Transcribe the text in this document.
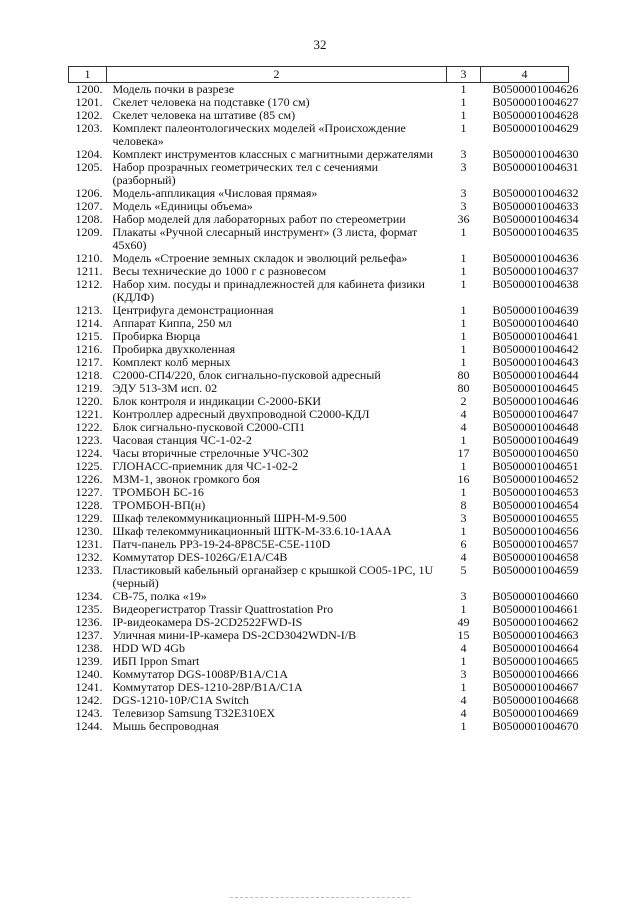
32
1	2	3	4
1200.	Модель почки в разрезе	1	В0500001004626
1201.	Скелет человека на подставке (170 см)	1	В0500001004627
1202.	Скелет человека на штативе (85 см)	1	В0500001004628
1203.	Комплект палеонтологических моделей «Происхождение человека»	1	В0500001004629
1204.	Комплект инструментов классных с магнитными держателями	3	В0500001004630
1205.	Набор прозрачных геометрических тел с сечениями (разборный)	3	В0500001004631
1206.	Модель-аппликация «Числовая прямая»	3	В0500001004632
1207.	Модель «Единицы объема»	3	В0500001004633
1208.	Набор моделей для лабораторных работ по стереометрии	36	В0500001004634
1209.	Плакаты «Ручной слесарный инструмент» (3 листа, формат 45х60)	1	В0500001004635
1210.	Модель «Строение земных складок и эволюций рельефа»	1	В0500001004636
1211.	Весы технические до 1000 г с разновесом	1	В0500001004637
1212.	Набор хим. посуды и принадлежностей для кабинета физики (КДЛФ)	1	В0500001004638
1213.	Центрифуга демонстрационная	1	В0500001004639
1214.	Аппарат Киппа, 250 мл	1	В0500001004640
1215.	Пробирка Вюрца	1	В0500001004641
1216.	Пробирка двухколенная	1	В0500001004642
1217.	Комплект колб мерных	1	В0500001004643
1218.	С2000-СП4/220, блок сигнально-пусковой адресный	80	В0500001004644
1219.	ЭДУ 513-3М исп. 02	80	В0500001004645
1220.	Блок контроля и индикации С-2000-БКИ	2	В0500001004646
1221.	Контроллер адресный двухпроводной С2000-КДЛ	4	В0500001004647
1222.	Блок сигнально-пусковой С2000-СП1	4	В0500001004648
1223.	Часовая станция ЧС-1-02-2	1	В0500001004649
1224.	Часы вторичные стрелочные УЧС-302	17	В0500001004650
1225.	ГЛОНАСС-приемник для ЧС-1-02-2	1	В0500001004651
1226.	МЗМ-1, звонок громкого боя	16	В0500001004652
1227.	ТРОМБОН БС-16	1	В0500001004653
1228.	ТРОМБОН-ВП(н)	8	В0500001004654
1229.	Шкаф телекоммуникационный ШРН-М-9.500	3	В0500001004655
1230.	Шкаф телекоммуникационный ШТК-М-33.6.10-1ААА	1	В0500001004656
1231.	Патч-панель PP3-19-24-8P8C5E-C5E-110D	6	В0500001004657
1232.	Коммутатор DES-1026G/E1A/C4B	4	В0500001004658
1233.	Пластиковый кабельный органайзер с крышкой СО05-1РС, 1U (черный)	5	В0500001004659
1234.	СВ-75, полка «19»	3	В0500001004660
1235.	Видеорегистратор Trassir Quattrostation Pro	1	В0500001004661
1236.	IP-видеокамера DS-2CD2522FWD-IS	49	В0500001004662
1237.	Уличная мини-IP-камера DS-2CD3042WDN-I/B	15	В0500001004663
1238.	HDD WD 4Gb	4	В0500001004664
1239.	ИБП Ippon Smart	1	В0500001004665
1240.	Коммутатор DGS-1008P/B1A/C1A	3	В0500001004666
1241.	Коммутатор DES-1210-28P/B1A/C1A	1	В0500001004667
1242.	DGS-1210-10P/C1A Switch	4	В0500001004668
1243.	Телевизор Samsung T32E310EX	4	В0500001004669
1244.	Мышь беспроводная	1	В0500001004670
